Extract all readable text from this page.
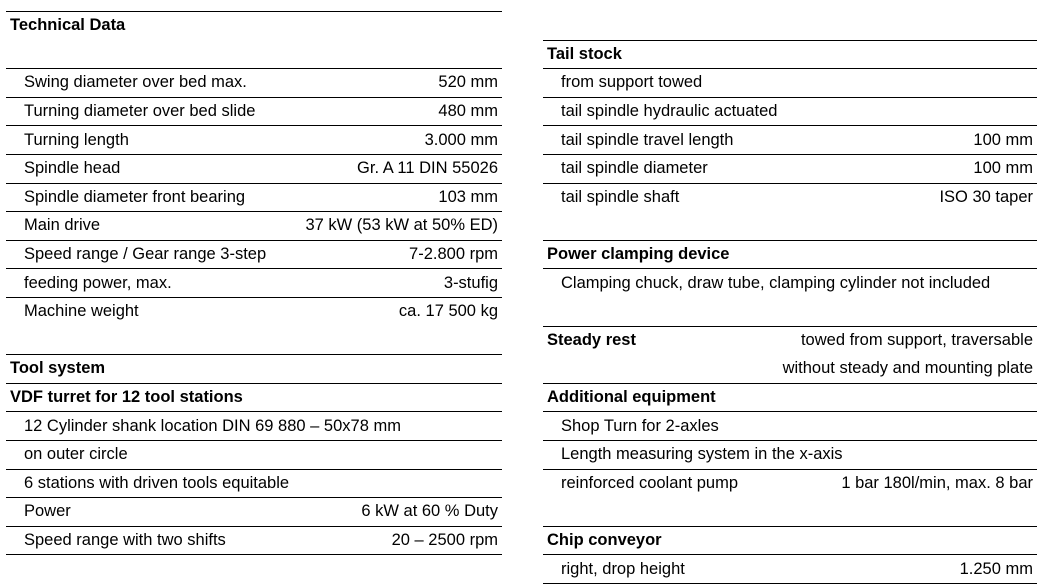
Technical Data
Swing diameter over bed max.	520 mm
Turning diameter over bed slide	480 mm
Turning length	3.000 mm
Spindle head	Gr. A 11 DIN 55026
Spindle diameter front bearing	103 mm
Main drive	37 kW (53 kW at 50% ED)
Speed range / Gear range 3-step	7-2.800 rpm
feeding power, max.	3-stufig
Machine weight	ca. 17 500 kg
Tool system
VDF turret for 12 tool stations
12 Cylinder shank location DIN 69 880 – 50x78 mm
on outer circle
6 stations with driven tools equitable
Power	6 kW at 60 % Duty
Speed range with two shifts	20 – 2500 rpm
Tail stock
from support towed
tail spindle hydraulic actuated
tail spindle travel length	100 mm
tail spindle diameter	100 mm
tail spindle shaft	ISO 30 taper
Power clamping device
Clamping chuck, draw tube, clamping cylinder not included
Steady rest	towed from support, traversable
without steady and mounting plate
Additional equipment
Shop Turn for 2-axles
Length measuring system in the x-axis
reinforced coolant pump	1 bar 180l/min, max. 8 bar
Chip conveyor
right, drop height	1.250 mm
